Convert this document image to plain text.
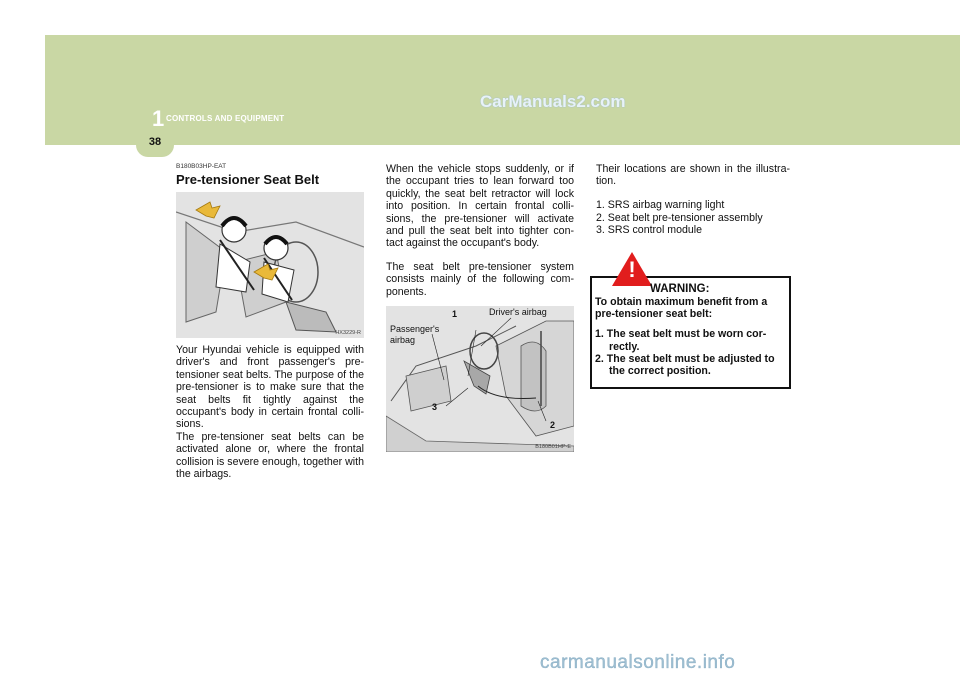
38
1 CONTROLS AND EQUIPMENT
CarManuals2.com
B180B03HP-EAT
Pre-tensioner Seat Belt
HX3229-R

Your Hyundai vehicle is equipped with driver's and front passenger's pre-tensioner seat belts. The purpose of the pre-tensioner is to make sure that the seat belts fit tightly against the occupant's body in certain frontal colli-sions.

The pre-tensioner seat belts can be activated alone or, where the frontal collision is severe enough, together with the airbags.

When the vehicle stops suddenly, or if the occupant tries to lean forward too quickly, the seat belt retractor will lock into position. In certain frontal colli-sions, the pre-tensioner will activate and pull the seat belt into tighter con-tact against the occupant's body.

The seat belt pre-tensioner system consists mainly of the following com-ponents.

Driver's airbag
Passenger's
airbag
1
3
2
B180B01HP-E

Their locations are shown in the illustra-tion.

1. SRS airbag warning light
2. Seat belt pre-tensioner assembly
3. SRS control module
!
WARNING:
To obtain maximum benefit from a pre-tensioner seat belt:
1. The seat belt must be worn cor-rectly.
2. The seat belt must be adjusted to the correct position.
carmanualsonline.info
